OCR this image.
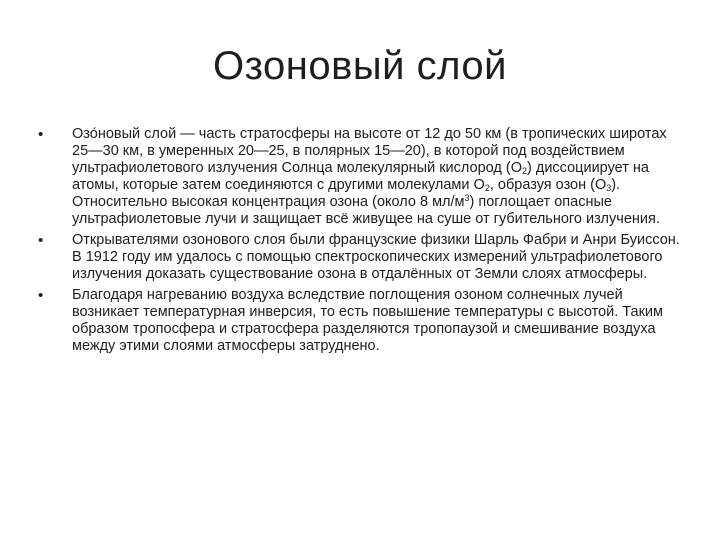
Озоновый слой
•	Озо́новый слой — часть стратосферы на высоте от 12 до 50 км (в тропических широтах 25—30 км, в умеренных 20—25, в полярных 15—20), в которой под воздействием ультрафиолетового излучения Солнца молекулярный кислород $(O_2)$ диссоциирует на атомы, которые затем соединяются с другими молекулами $O_2$, образуя озон $(O_3)$. Относительно высокая концентрация озона (около 8 $мл/м^3$) поглощает опасные ультрафиолетовые лучи и защищает всё живущее на суше от губительного излучения.
•	Открывателями озонового слоя были французские физики Шарль Фабри и Анри Буиссон. В 1912 году им удалось с помощью спектроскопических измерений ультрафиолетового излучения доказать существование озона в отдалённых от Земли слоях атмосферы.
•	Благодаря нагреванию воздуха вследствие поглощения озоном солнечных лучей возникает температурная инверсия, то есть повышение температуры с высотой. Таким образом тропосфера и стратосфера разделяются тропопаузой и смешивание воздуха между этими слоями атмосферы затруднено.
